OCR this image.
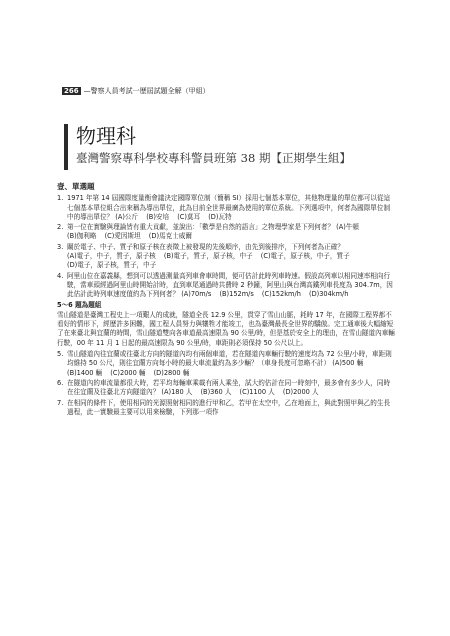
266 —警察人員考試一歷屆試題全解（甲組）
物理科
臺灣警察專科學校專科警員班第 38 期【正期學生組】
壹、單選題
1. 1971 年第 14 屆國際度量衡會議決定國際單位制（簡稱 SI）採用七個基本單位，其他物理量的單位都可以從這七個基本單位組合出來稱為導出單位，此為目前全世界最廣為使用的單位系統。下列選項中，何者為國際單位制中的導出單位？ (A)公斤 (B)安培 (C)莫耳 (D)瓦特
2. 第一位在實驗與理論皆有重大貢獻，並說出：「數學是自然的語言」之物理學家是下列何者？ (A)牛頓 (B)伽利略 (C)愛因斯坦 (D)馬克士威爾
3. 關於電子、中子、質子和原子核在表徵上被發現的先後順序，由先到後排序，下列何者為正確？ (A)電子，中子，質子，原子核 (B)電子，質子，原子核，中子 (C)電子，原子核，中子，質子 (D)電子，原子核，質子，中子
4. 阿里山位在嘉義縣，想到可以透過測量高列車會車時間，便可估計此時列車時速。假設高列車以相同速率相向行駛，當車頭經過阿里山時開始計時，直到車尾通過時共費時 2 秒鐘，阿里山與台灣高鐵列車長度為 304.7m，因此估計此時列車速度值約為下列何者？ (A)70m/s (B)152m/s (C)152km/h (D)304km/h
5～6 題為題組
雪山隧道是臺灣工程史上一項艱人的成就，隧道全長 12.9 公里，貫穿了雪山山脈，耗時 17 年，在國際工程界都不看好的情形下，經歷許多困難，國工程人員努力與犧牲才能竣工，也為臺灣最長全世界的驕傲。完工通車後大幅縮短了在來臺北與宜蘭的時間，雪山隧道雙向各車道最高速限為 90 公里/時，但是基於安全上的理由，在雪山隧道內車輛行駛，00 年 11 月 1 日起的最高速限為 90 公里/時，車距則必須保持 50 公尺以上。
5. 雪山隧道內往宜蘭或往臺北方向的隧道內均有兩個車道，若在隧道內車輛行駛的速度均為 72 公里/小時，車距則均維持 50 公尺，則往宜蘭方向每小時的最大車流量約為多少輛？（車身長度可忽略不計） (A)500 輛 (B)1400 輛 (C)2000 輛 (D)2800 輛
6. 在隧道內的車流量都很大時，若平均每輛車乘載有兩人乘坐，試大約估計在同一時刻中，最多會有多少人，同時在往宜蘭及往臺北方向隧道內？ (A)180 人 (B)360 人 (C)1100 人 (D)2000 人
7. 在相同的條件下，使用相同的光源照射相同的進行甲和乙，若甲在太空中，乙在地面上，與此對照甲與乙的生長過程，此一實驗最主要可以用來檢驗，下列那一項作
